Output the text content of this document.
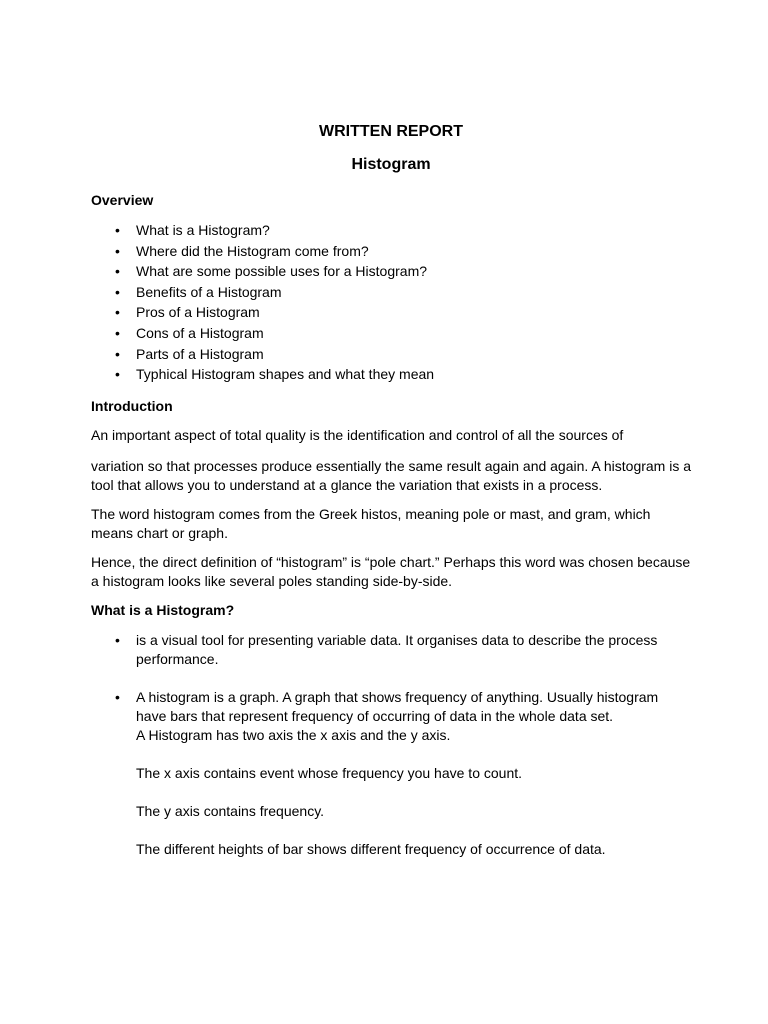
WRITTEN REPORT

Histogram

Overview

• What is a Histogram?
• Where did the Histogram come from?
• What are some possible uses for a Histogram?
• Benefits of a Histogram
• Pros of a Histogram
• Cons of a Histogram
• Parts of a Histogram
• Typhical Histogram shapes and what they mean

Introduction

An important aspect of total quality is the identification and control of all the sources of

variation so that processes produce essentially the same result again and again. A histogram is a tool that allows you to understand at a glance the variation that exists in a process.

The word histogram comes from the Greek histos, meaning pole or mast, and gram, which means chart or graph.

Hence, the direct definition of “histogram” is “pole chart.” Perhaps this word was chosen because a histogram looks like several poles standing side-by-side.

What is a Histogram?

• is a visual tool for presenting variable data. It organises data to describe the process performance.
• A histogram is a graph. A graph that shows frequency of anything. Usually histogram have bars that represent frequency of occurring of data in the whole data set.
A Histogram has two axis the x axis and the y axis.
The x axis contains event whose frequency you have to count.
The y axis contains frequency.
The different heights of bar shows different frequency of occurrence of data.
